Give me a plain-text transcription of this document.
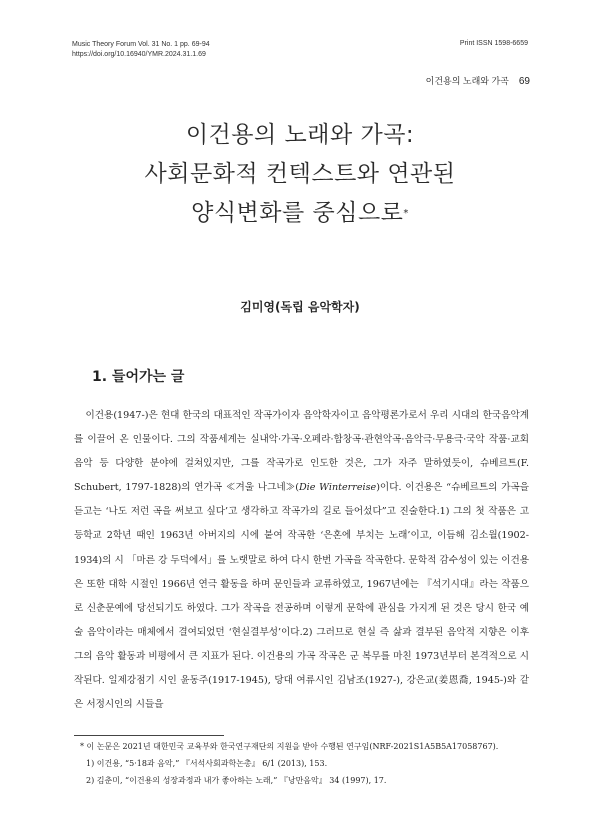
Music Theory Forum Vol. 31 No. 1 pp. 69-94
https://doi.org/10.16940/YMR.2024.31.1.69
Print ISSN 1598-6659
이건용의 노래와 가곡 69
이건용의 노래와 가곡:
사회문화적 컨텍스트와 연관된
양식변화를 중심으로*
김미영(독립 음악학자)
1. 들어가는 글

이건용(1947-)은 현대 한국의 대표적인 작곡가이자 음악학자이고 음악평론가로서 우리 시대의 한국음악계를 이끌어 온 인물이다. 그의 작품세계는 실내악·가곡·오페라·합창곡·관현악곡·음악극·무용극·국악 작품·교회음악 등 다양한 분야에 걸쳐있지만, 그를 작곡가로 인도한 것은, 그가 자주 말하였듯이, 슈베르트(F. Schubert, 1797-1828)의 연가곡 ≪겨울 나그네≫(Die Winterreise)이다. 이건용은 “슈베르트의 가곡을 듣고는 ‘나도 저런 곡을 써보고 싶다’고 생각하고 작곡가의 길로 들어섰다”고 진술한다.1) 그의 첫 작품은 고등학교 2학년 때인 1963년 아버지의 시에 붙여 작곡한 ‘은혼에 부치는 노래’이고, 이듬해 김소월(1902-1934)의 시 「마른 강 두덕에서」를 노랫말로 하여 다시 한번 가곡을 작곡한다. 문학적 감수성이 있는 이건용은 또한 대학 시절인 1966년 연극 활동을 하며 문인들과 교류하였고, 1967년에는 『석기시대』라는 작품으로 신춘문예에 당선되기도 하였다. 그가 작곡을 전공하며 이렇게 문학에 관심을 가지게 된 것은 당시 한국 예술 음악이라는 매체에서 결여되었던 ‘현실결부성’이다.2) 그러므로 현실 즉 삶과 결부된 음악적 지향은 이후 그의 음악 활동과 비평에서 큰 지표가 된다. 이건용의 가곡 작곡은 군 복무를 마친 1973년부터 본격적으로 시작된다. 일제강점기 시인 윤동주(1917-1945), 당대 여류시인 김남조(1927-), 강은교(姜恩喬, 1945-)와 같은 서정시인의 시들을

* 이 논문은 2021년 대한민국 교육부와 한국연구재단의 지원을 받아 수행된 연구임(NRF-2021S1A5B5A17058767).
1) 이건용, “5·18과 음악,” 『서석사회과학논총』 6/1 (2013), 153.
2) 김춘미, “이건용의 성장과정과 내가 좋아하는 노래,” 『낭만음악』 34 (1997), 17.
